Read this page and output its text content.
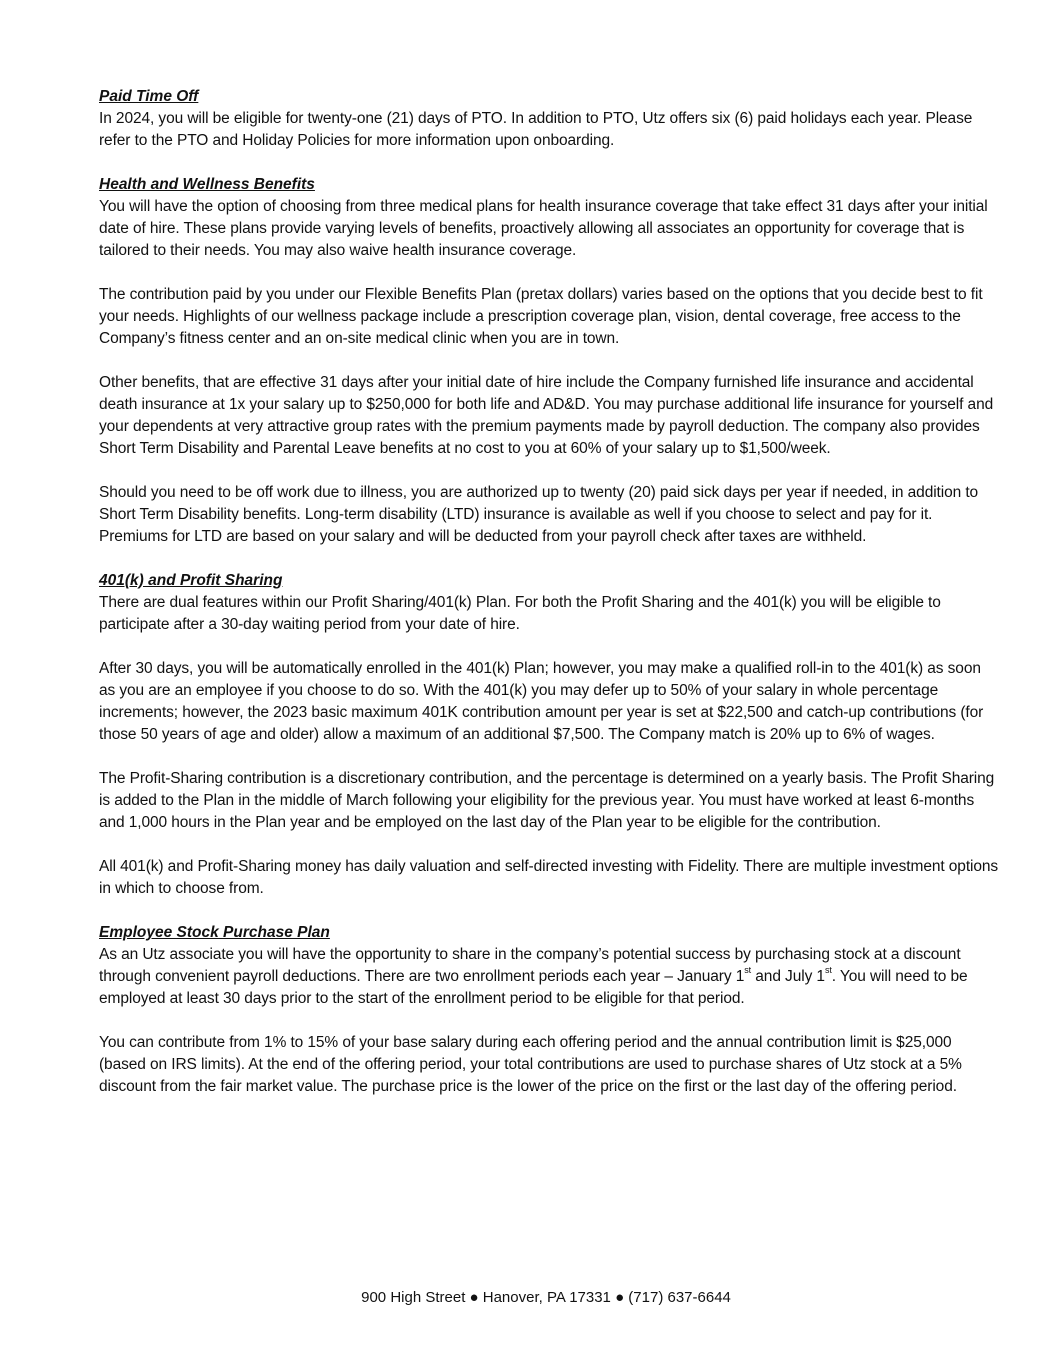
Paid Time Off

In 2024, you will be eligible for twenty-one (21) days of PTO. In addition to PTO, Utz offers six (6) paid holidays each year. Please refer to the PTO and Holiday Policies for more information upon onboarding.

Health and Wellness Benefits

You will have the option of choosing from three medical plans for health insurance coverage that take effect 31 days after your initial date of hire. These plans provide varying levels of benefits, proactively allowing all associates an opportunity for coverage that is tailored to their needs. You may also waive health insurance coverage.

The contribution paid by you under our Flexible Benefits Plan (pretax dollars) varies based on the options that you decide best to fit your needs. Highlights of our wellness package include a prescription coverage plan, vision, dental coverage, free access to the Company’s fitness center and an on-site medical clinic when you are in town.

Other benefits, that are effective 31 days after your initial date of hire include the Company furnished life insurance and accidental death insurance at 1x your salary up to $250,000 for both life and AD&D. You may purchase additional life insurance for yourself and your dependents at very attractive group rates with the premium payments made by payroll deduction. The company also provides Short Term Disability and Parental Leave benefits at no cost to you at 60% of your salary up to $1,500/week.

Should you need to be off work due to illness, you are authorized up to twenty (20) paid sick days per year if needed, in addition to Short Term Disability benefits. Long-term disability (LTD) insurance is available as well if you choose to select and pay for it. Premiums for LTD are based on your salary and will be deducted from your payroll check after taxes are withheld.

401(k) and Profit Sharing

There are dual features within our Profit Sharing/401(k) Plan. For both the Profit Sharing and the 401(k) you will be eligible to participate after a 30-day waiting period from your date of hire.

After 30 days, you will be automatically enrolled in the 401(k) Plan; however, you may make a qualified roll-in to the 401(k) as soon as you are an employee if you choose to do so. With the 401(k) you may defer up to 50% of your salary in whole percentage increments; however, the 2023 basic maximum 401K contribution amount per year is set at $22,500 and catch-up contributions (for those 50 years of age and older) allow a maximum of an additional $7,500. The Company match is 20% up to 6% of wages.

The Profit-Sharing contribution is a discretionary contribution, and the percentage is determined on a yearly basis. The Profit Sharing is added to the Plan in the middle of March following your eligibility for the previous year. You must have worked at least 6-months and 1,000 hours in the Plan year and be employed on the last day of the Plan year to be eligible for the contribution.

All 401(k) and Profit-Sharing money has daily valuation and self-directed investing with Fidelity. There are multiple investment options in which to choose from.

Employee Stock Purchase Plan

As an Utz associate you will have the opportunity to share in the company’s potential success by purchasing stock at a discount through convenient payroll deductions. There are two enrollment periods each year – January 1st and July 1st. You will need to be employed at least 30 days prior to the start of the enrollment period to be eligible for that period.

You can contribute from 1% to 15% of your base salary during each offering period and the annual contribution limit is $25,000 (based on IRS limits). At the end of the offering period, your total contributions are used to purchase shares of Utz stock at a 5% discount from the fair market value. The purchase price is the lower of the price on the first or the last day of the offering period.

900 High Street ● Hanover, PA 17331 ● (717) 637-6644
